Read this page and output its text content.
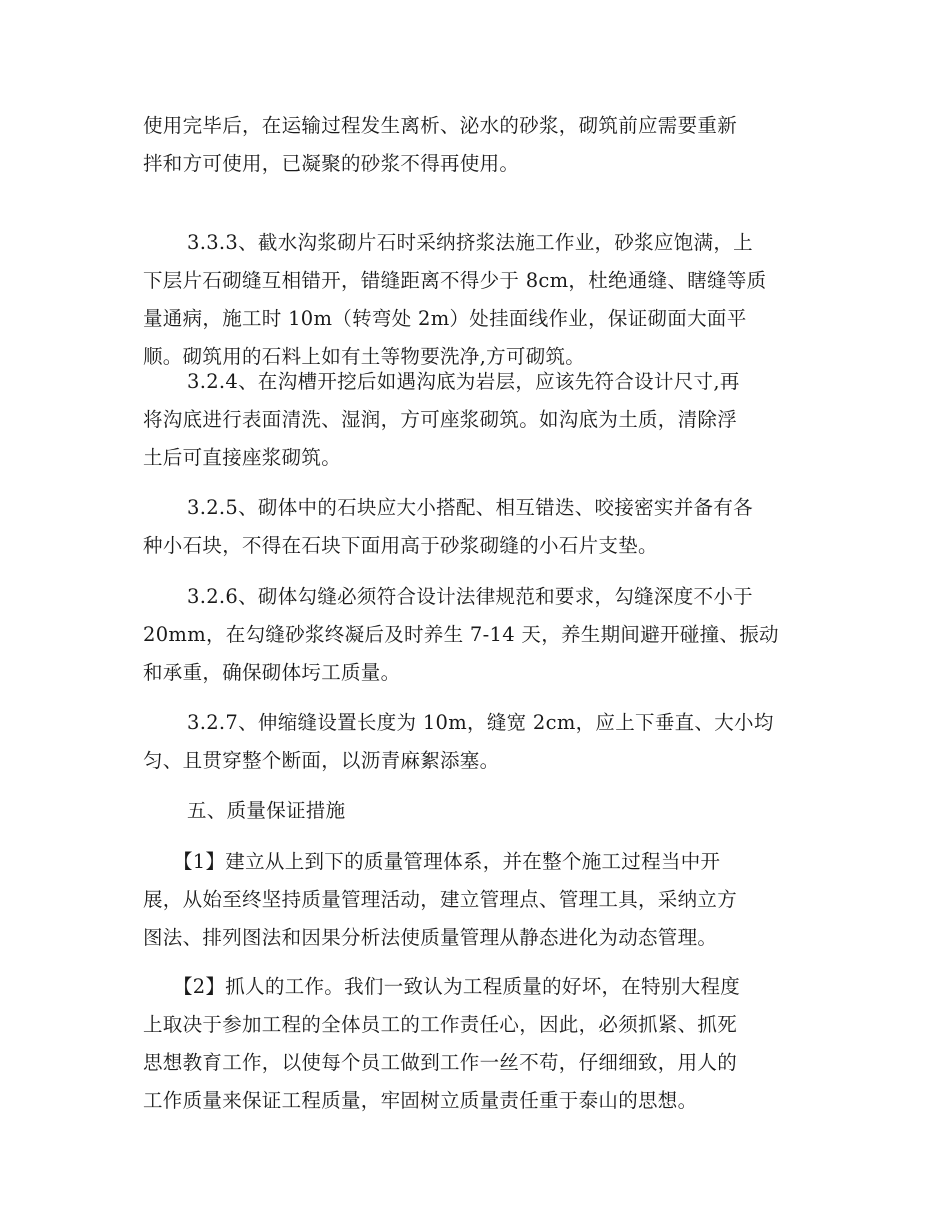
使用完毕后，在运输过程发生离析、泌水的砂浆，砌筑前应需要重新
拌和方可使用，已凝聚的砂浆不得再使用。
3.3.3、截水沟浆砌片石时采纳挤浆法施工作业，砂浆应饱满，上
下层片石砌缝互相错开，错缝距离不得少于 8cm，杜绝通缝、瞎缝等质
量通病，施工时 10m（转弯处 2m）处挂面线作业，保证砌面大面平
顺。砌筑用的石料上如有土等物要洗净,方可砌筑。
3.2.4、在沟槽开挖后如遇沟底为岩层，应该先符合设计尺寸,再
将沟底进行表面清洗、湿润，方可座浆砌筑。如沟底为土质，清除浮
土后可直接座浆砌筑。
3.2.5、砌体中的石块应大小搭配、相互错迭、咬接密实并备有各
种小石块，不得在石块下面用高于砂浆砌缝的小石片支垫。
3.2.6、砌体勾缝必须符合设计法律规范和要求，勾缝深度不小于
20mm，在勾缝砂浆终凝后及时养生 7-14 天，养生期间避开碰撞、振动
和承重，确保砌体圬工质量。
3.2.7、伸缩缝设置长度为 10m，缝宽 2cm，应上下垂直、大小均
匀、且贯穿整个断面，以沥青麻絮添塞。
五、质量保证措施
【1】建立从上到下的质量管理体系，并在整个施工过程当中开
展，从始至终坚持质量管理活动，建立管理点、管理工具，采纳立方
图法、排列图法和因果分析法使质量管理从静态进化为动态管理。
【2】抓人的工作。我们一致认为工程质量的好坏，在特别大程度
上取决于参加工程的全体员工的工作责任心，因此，必须抓紧、抓死
思想教育工作，以使每个员工做到工作一丝不苟，仔细细致，用人的
工作质量来保证工程质量，牢固树立质量责任重于泰山的思想。
